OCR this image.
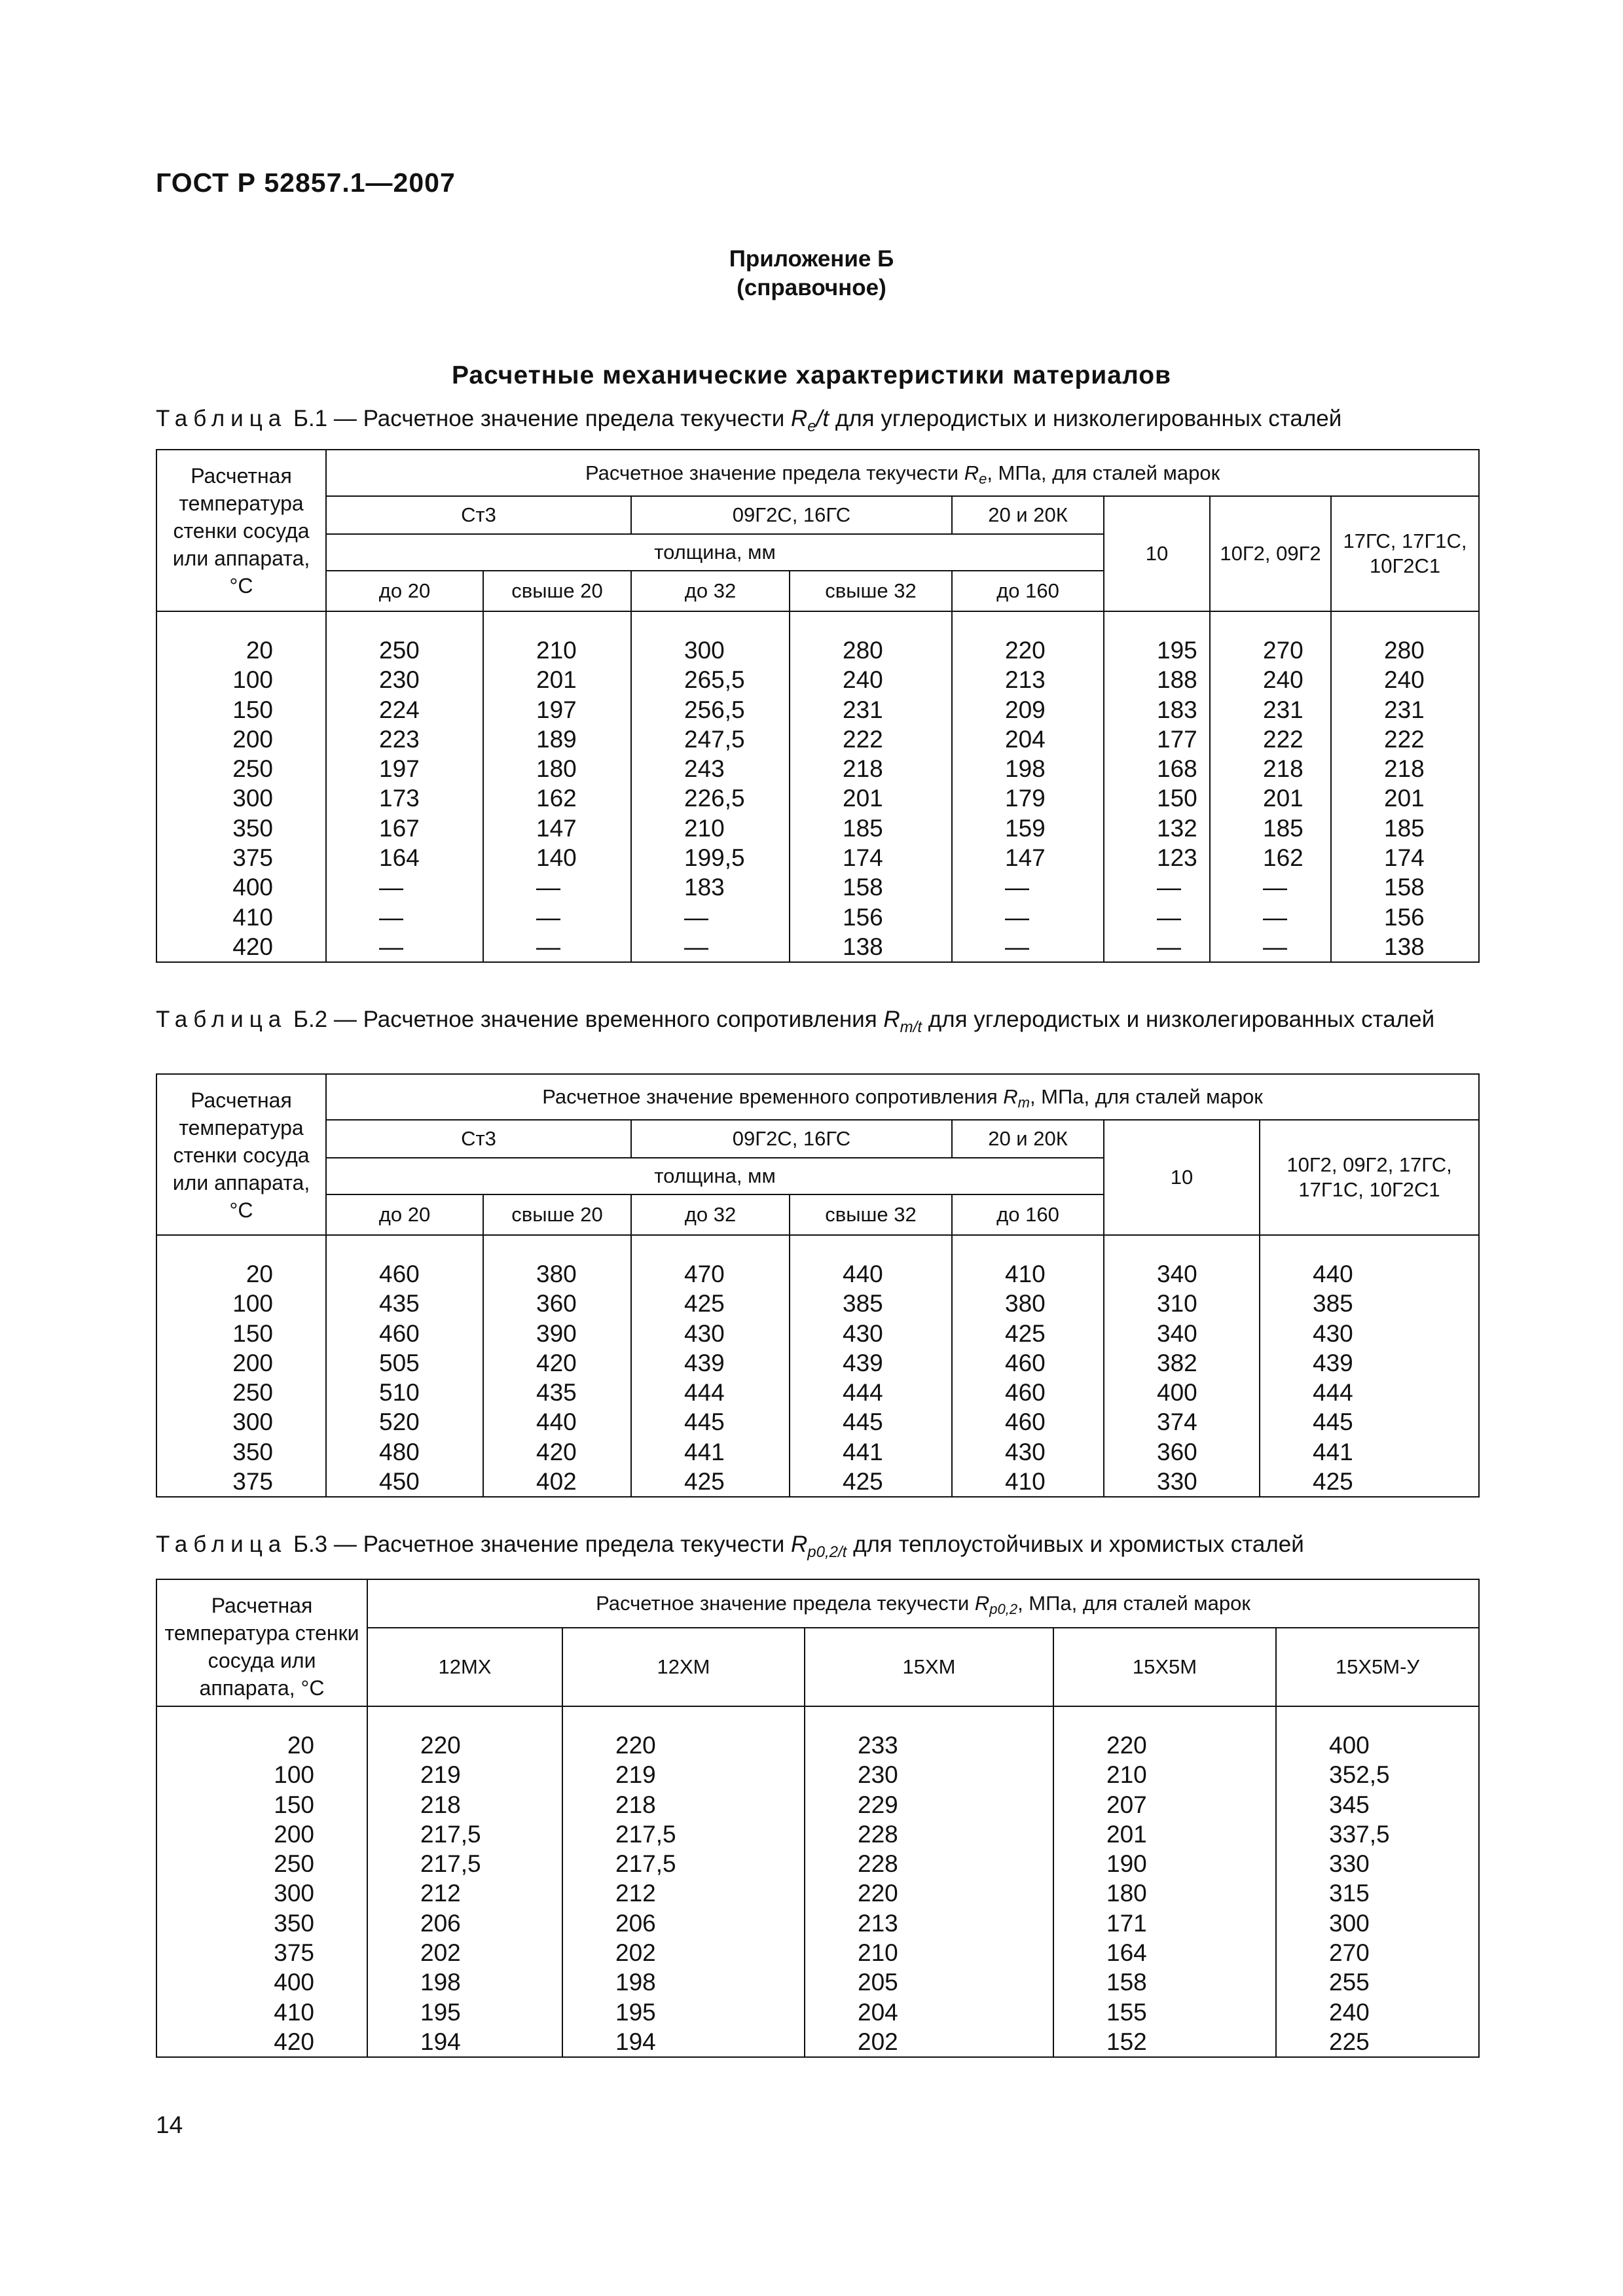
ГОСТ Р 52857.1—2007
Приложение Б
(справочное)
Расчетные механические характеристики материалов
Таблица Б.1 — Расчетное значение предела текучести $R_e/t$ для углеродистых и низколегированных сталей
Расчетная температура стенки сосуда или аппарата, °C	Расчетное значение предела текучести $R_e$, МПа, для сталей марок							
	Ст3		09Г2С, 16ГС		20 и 20К	10	10Г2, 09Г2	17ГС, 17Г1С, 10Г2С1
	толщина, мм							
	до 20	свыше 20	до 32	свыше 32	до 160			

20	250	210	300	280	220	195	270	280
100	230	201	265,5	240	213	188	240	240
150	224	197	256,5	231	209	183	231	231
200	223	189	247,5	222	204	177	222	222
250	197	180	243	218	198	168	218	218
300	173	162	226,5	201	179	150	201	201
350	167	147	210	185	159	132	185	185
375	164	140	199,5	174	147	123	162	174
400	—	—	183	158	—	—	—	158
410	—	—	—	156	—	—	—	156
420	—	—	—	138	—	—	—	138
Таблица Б.2 — Расчетное значение временного сопротивления $R_{m/t}$ для углеродистых и низколегированных сталей
Расчетная температура стенки сосуда или аппарата, °C	Расчетное значение временного сопротивления $R_m$, МПа, для сталей марок						
	Ст3		09Г2С, 16ГС		20 и 20К	10	10Г2, 09Г2, 17ГС, 17Г1С, 10Г2С1
	толщина, мм						
	до 20	свыше 20	до 32	свыше 32	до 160		

20	460	380	470	440	410	340	440
100	435	360	425	385	380	310	385
150	460	390	430	430	425	340	430
200	505	420	439	439	460	382	439
250	510	435	444	444	460	400	444
300	520	440	445	445	460	374	445
350	480	420	441	441	430	360	441
375	450	402	425	425	410	330	425
Таблица Б.3 — Расчетное значение предела текучести $R_{p0,2/t}$ для теплоустойчивых и хромистых сталей
Расчетная температура стенки сосуда или аппарата, °C	Расчетное значение предела текучести $R_{p0,2}$, МПа, для сталей марок				
	12МХ	12ХМ	15ХМ	15Х5М	15Х5М-У

20	220	220	233	220	400
100	219	219	230	210	352,5
150	218	218	229	207	345
200	217,5	217,5	228	201	337,5
250	217,5	217,5	228	190	330
300	212	212	220	180	315
350	206	206	213	171	300
375	202	202	210	164	270
400	198	198	205	158	255
410	195	195	204	155	240
420	194	194	202	152	225
14
